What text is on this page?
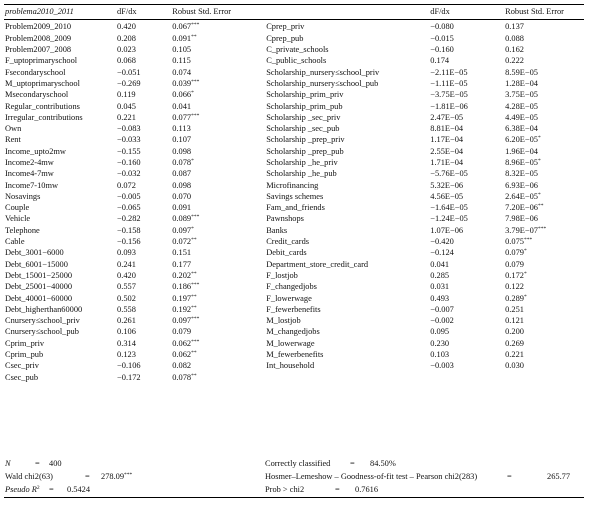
problema2010_2011	dF/dx	Robust Std. Error		dF/dx	Robust Std. Error
Problem2009_2010	0.420	0.067***	Cprep_priv	−0.080	0.137
Problem2008_2009	0.208	0.091**	Cprep_pub	−0.015	0.088
Problem2007_2008	0.023	0.105	C_private_schools	−0.160	0.162
F_uptoprimaryschool	0.068	0.115	C_public_schools	0.174	0.222
Fsecondaryschool	−0.051	0.074	Scholarship_nursery≤school_priv	−2.11E−05	8.59E−05
M_uptoprimaryschool	−0.269	0.039***	Scholarship_nursery≤school_pub	−1.11E−05	1.28E−04
Msecondaryschool	0.119	0.066*	Scholarship_prim_priv	−3.75E−05	3.75E−05
Regular_contributions	0.045	0.041	Scholarship_prim_pub	−1.81E−06	4.28E−05
Irregular_contributions	0.221	0.077***	Scholarship _sec_priv	2.47E−05	4.49E−05
Own	−0.083	0.113	Scholarship _sec_pub	8.81E−04	6.38E−04
Rent	−0.033	0.107	Scholarship _prep_priv	1.17E−04	6.20E−05*
Income_upto2mw	−0.155	0.098	Scholarship _prep_pub	2.55E−04	1.96E−04
Income2-4mw	−0.160	0.078*	Scholarship _he_priv	1.71E−04	8.96E−05*
Income4-7mw	−0.032	0.087	Scholarship _he_pub	−5.76E−05	8.32E−05
Income7-10mw	0.072	0.098	Microfinancing	5.32E−06	6.93E−06
Nosavings	−0.005	0.070	Savings schemes	4.56E−05	2.64E−05*
Couple	−0.065	0.091	Fam_and_friends	−1.64E−05	7.20E−06**
Vehicle	−0.282	0.089***	Pawnshops	−1.24E−05	7.98E−06
Telephone	−0.158	0.097*	Banks	1.07E−06	3.79E−07***
Cable	−0.156	0.072**	Credit_cards	−0.420	0.075***
Debt_3001−6000	0.093	0.151	Debit_cards	−0.124	0.079*
Debt_6001−15000	0.241	0.177	Department_store_credit_card	0.041	0.079
Debt_15001−25000	0.420	0.202**	F_lostjob	0.285	0.172*
Debt_25001−40000	0.557	0.186***	F_changedjobs	0.031	0.122
Debt_40001−60000	0.502	0.197**	F_lowerwage	0.493	0.289*
Debt_higherthan60000	0.558	0.192**	F_fewerbenefits	−0.007	0.251
Cnursery≤school_priv	0.261	0.097***	M_lostjob	−0.002	0.121
Cnursery≤school_pub	0.106	0.079	M_changedjobs	0.095	0.200
Cprim_priv	0.314	0.062***	M_lowerwage	0.230	0.269
Cprim_pub	0.123	0.062**	M_fewerbenefits	0.103	0.221
Csec_priv	−0.106	0.082	Int_household	−0.003	0.030
Csec_pub	−0.172	0.078**			
N	= 400	Correctly classified = 84.50%
Wald chi2(63)	= 278.09***	Hosmer–Lemeshow – Goodness-of-fit test – Pearson chi2(283)	=	265.77
Pseudo $R^2 = 0.5424$	Prob > chi2	= 0.7616
